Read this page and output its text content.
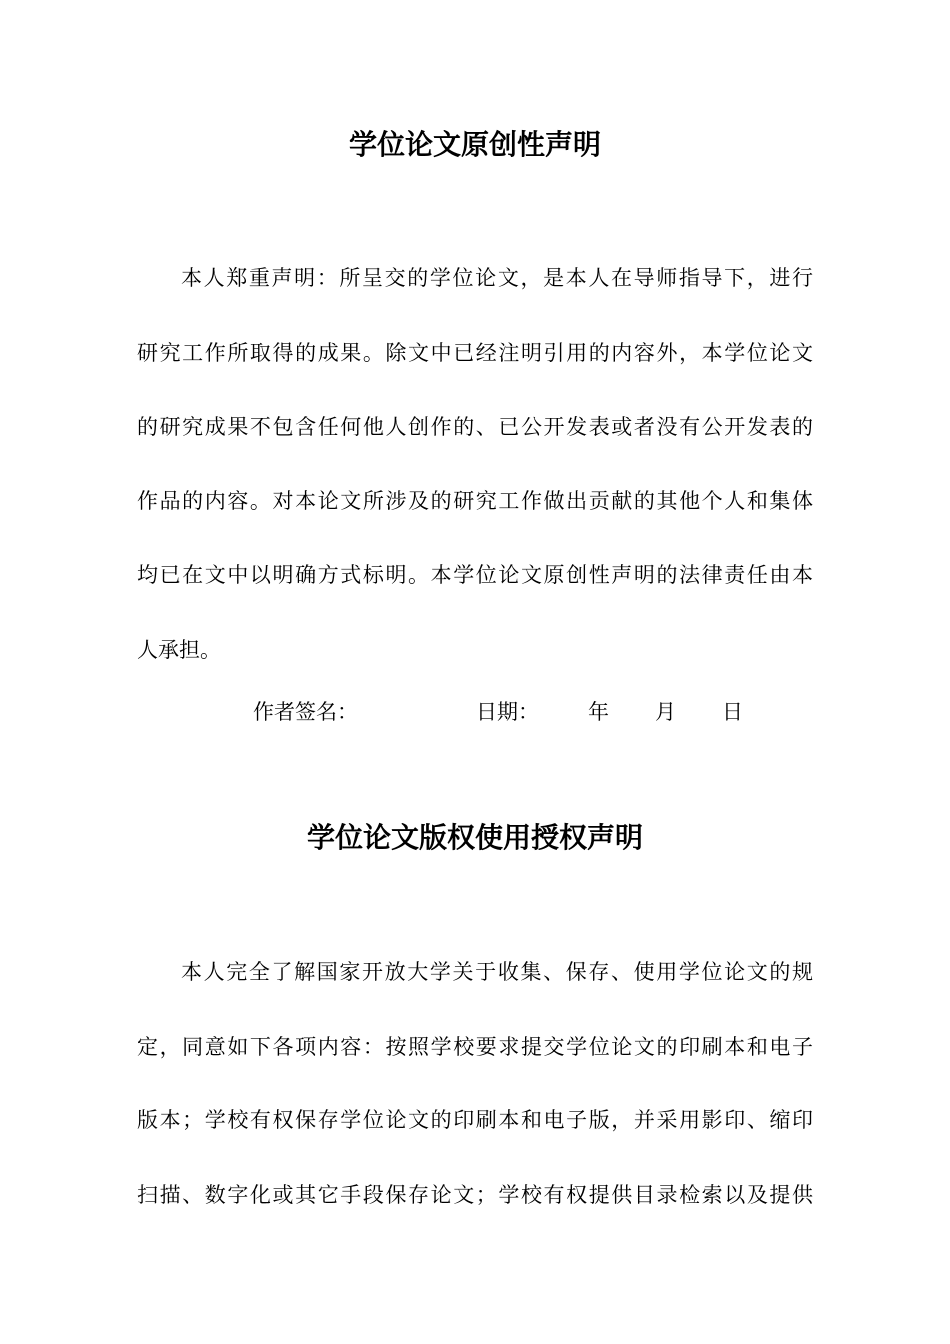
学位论文原创性声明
本人郑重声明：所呈交的学位论文，是本人在导师指导下，进行
研究工作所取得的成果。除文中已经注明引用的内容外，本学位论文
的研究成果不包含任何他人创作的、已公开发表或者没有公开发表的
作品的内容。对本论文所涉及的研究工作做出贡献的其他个人和集体
均已在文中以明确方式标明。本学位论文原创性声明的法律责任由本
人承担。
作者签名：	日期： 年 月 日
学位论文版权使用授权声明
本人完全了解国家开放大学关于收集、保存、使用学位论文的规
定，同意如下各项内容：按照学校要求提交学位论文的印刷本和电子
版本；学校有权保存学位论文的印刷本和电子版，并采用影印、缩印
扫描、数字化或其它手段保存论文；学校有权提供目录检索以及提供
